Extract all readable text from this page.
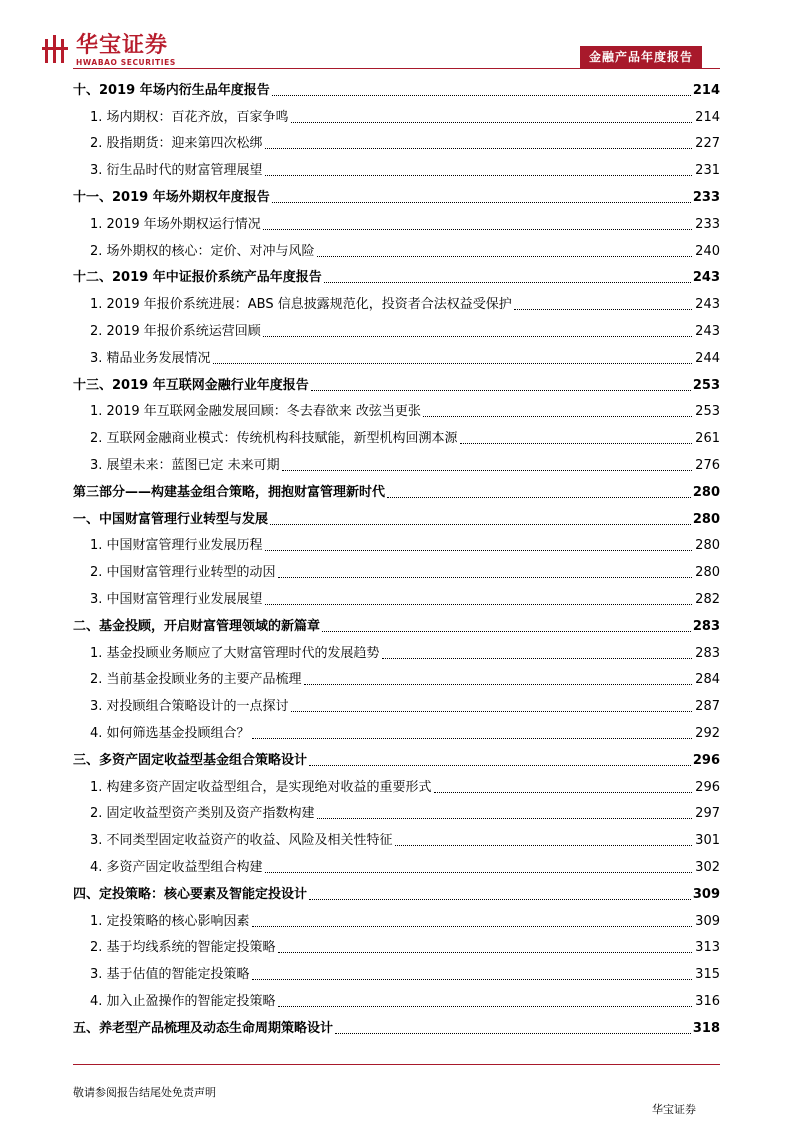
华宝证券
HWABAO SECURITIES	金融产品年度报告
十、2019 年场内衍生品年度报告	214
1. 场内期权：百花齐放，百家争鸣	214
2. 股指期货：迎来第四次松绑	227
3. 衍生品时代的财富管理展望	231
十一、2019 年场外期权年度报告	233
1. 2019 年场外期权运行情况	233
2. 场外期权的核心：定价、对冲与风险	240
十二、2019 年中证报价系统产品年度报告	243
1. 2019 年报价系统进展：ABS 信息披露规范化，投资者合法权益受保护	243
2. 2019 年报价系统运营回顾	243
3. 精品业务发展情况	244
十三、2019 年互联网金融行业年度报告	253
1. 2019 年互联网金融发展回顾：冬去春欲来 改弦当更张	253
2. 互联网金融商业模式：传统机构科技赋能，新型机构回溯本源	261
3. 展望未来：蓝图已定 未来可期	276
第三部分——构建基金组合策略，拥抱财富管理新时代	280
一、中国财富管理行业转型与发展	280
1. 中国财富管理行业发展历程	280
2. 中国财富管理行业转型的动因	280
3. 中国财富管理行业发展展望	282
二、基金投顾，开启财富管理领域的新篇章	283
1. 基金投顾业务顺应了大财富管理时代的发展趋势	283
2. 当前基金投顾业务的主要产品梳理	284
3. 对投顾组合策略设计的一点探讨	287
4. 如何筛选基金投顾组合？	292
三、多资产固定收益型基金组合策略设计	296
1. 构建多资产固定收益型组合，是实现绝对收益的重要形式	296
2. 固定收益型资产类别及资产指数构建	297
3. 不同类型固定收益资产的收益、风险及相关性特征	301
4. 多资产固定收益型组合构建	302
四、定投策略：核心要素及智能定投设计	309
1. 定投策略的核心影响因素	309
2. 基于均线系统的智能定投策略	313
3. 基于估值的智能定投策略	315
4. 加入止盈操作的智能定投策略	316
五、养老型产品梳理及动态生命周期策略设计	318
敬请参阅报告结尾处免责声明
华宝证券
